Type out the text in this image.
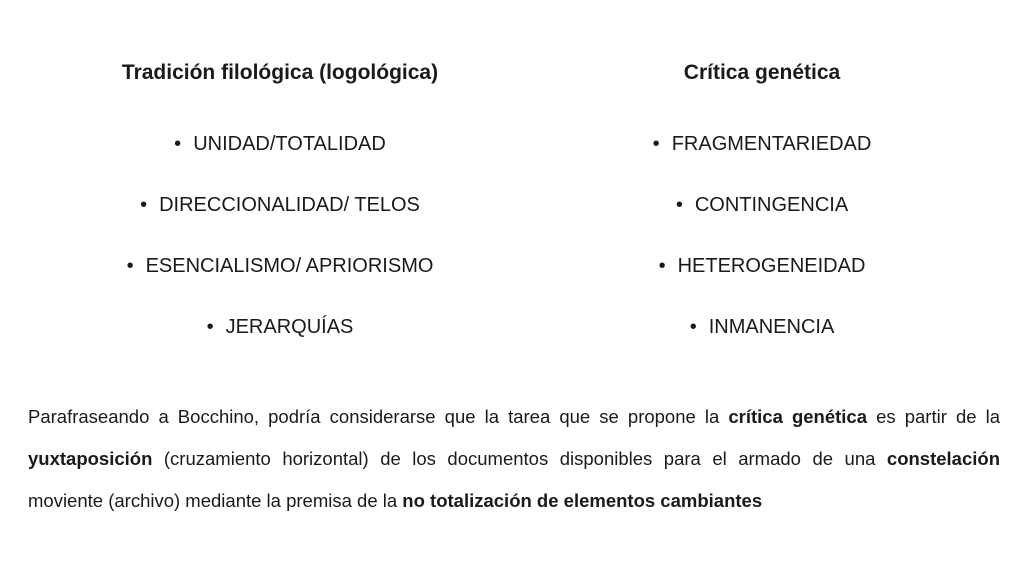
Tradición filológica (logológica)
• UNIDAD/TOTALIDAD
• DIRECCIONALIDAD/ TELOS
• ESENCIALISMO/ APRIORISMO
• JERARQUÍAS
Crítica genética
• FRAGMENTARIEDAD
• CONTINGENCIA
• HETEROGENEIDAD
• INMANENCIA

Parafraseando a Bocchino, podría considerarse que la tarea que se propone la crítica genética es partir de la yuxtaposición (cruzamiento horizontal) de los documentos disponibles para el armado de una constelación moviente (archivo) mediante la premisa de la no totalización de elementos cambiantes
